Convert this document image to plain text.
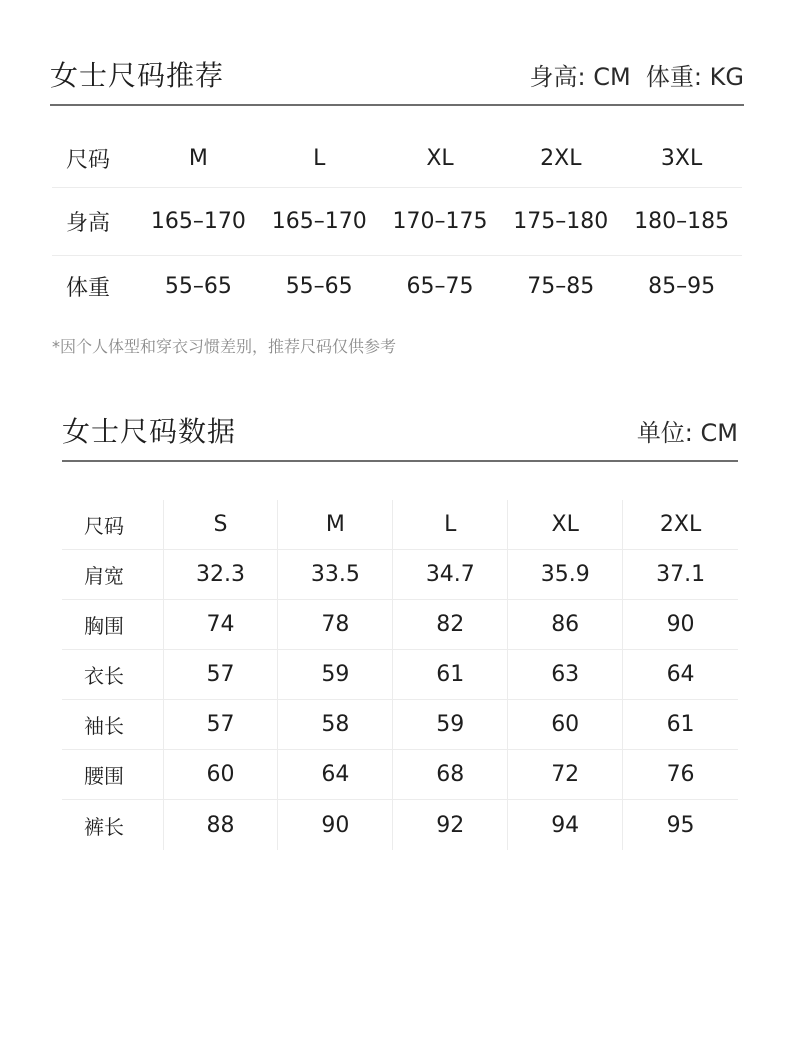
女士尺码推荐	身高: CM  体重: KG
尺码	M	L	XL	2XL	3XL
身高	165–170	165–170	170–175	175–180	180–185
体重	55–65	55–65	65–75	75–85	85–95
*因个人体型和穿衣习惯差别，推荐尺码仅供参考
女士尺码数据	单位: CM
尺码	S	M	L	XL	2XL
肩宽	32.3	33.5	34.7	35.9	37.1
胸围	74	78	82	86	90
衣长	57	59	61	63	64
袖长	57	58	59	60	61
腰围	60	64	68	72	76
裤长	88	90	92	94	95
